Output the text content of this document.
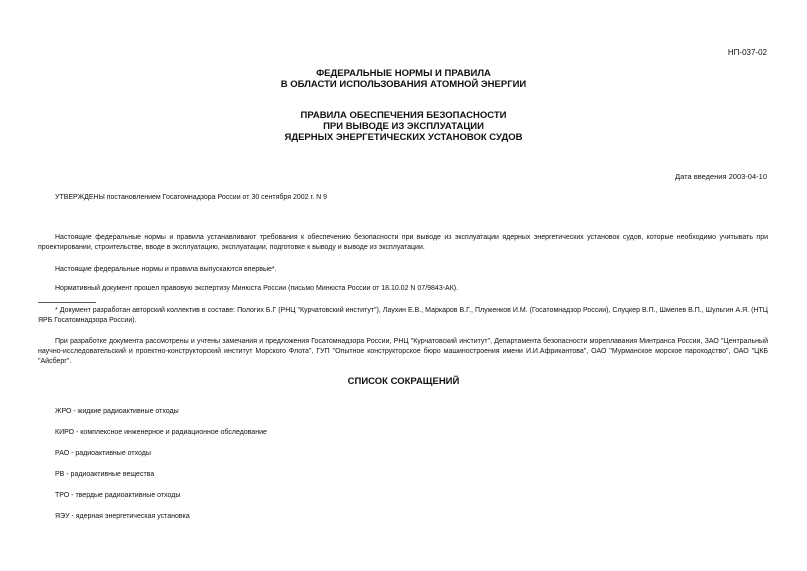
НП-037-02
ФЕДЕРАЛЬНЫЕ НОРМЫ И ПРАВИЛА
В ОБЛАСТИ ИСПОЛЬЗОВАНИЯ АТОМНОЙ ЭНЕРГИИ
ПРАВИЛА ОБЕСПЕЧЕНИЯ БЕЗОПАСНОСТИ
ПРИ ВЫВОДЕ ИЗ ЭКСПЛУАТАЦИИ
ЯДЕРНЫХ ЭНЕРГЕТИЧЕСКИХ УСТАНОВОК СУДОВ
Дата введения 2003-04-10
УТВЕРЖДЕНЫ постановлением Госатомнадзора России от 30 сентября 2002 г. N 9
Настоящие федеральные нормы и правила устанавливают требования к обеспечению безопасности при выводе из эксплуатации ядерных энергетических установок судов, которые необходимо учитывать при проектировании, строительстве, вводе в эксплуатацию, эксплуатации, подготовке к выводу и выводе из эксплуатации.
Настоящие федеральные нормы и правила выпускаются впервые*.
Нормативный документ прошел правовую экспертизу Минюста России (письмо Минюста России от 18.10.02 N 07/9843-АК).
* Документ разработан авторский коллектив в составе: Пологих Б.Г (РНЦ "Курчатовский институт"), Лаухин Е.В., Маркаров В.Г., Плуженков И.М. (Госатомнадзор России), Слуцкер В.П., Шмелев В.П., Шульгин А.Я. (НТЦ ЯРБ Госатомнадзора России).
При разработке документа рассмотрены и учтены замечания и предложения Госатомнадзора России, РНЦ "Курчатовский институт", Департамента безопасности мореплавания Минтранса России, ЗАО "Центральный научно-исследовательский и проектно-конструкторский институт Морского Флота", ГУП "Опытное конструкторское бюро машиностроения имени И.И.Африкантова", ОАО "Мурманское морское пароходство", ОАО "ЦКБ "Айсберг".
СПИСОК СОКРАЩЕНИЙ
ЖРО - жидкие радиоактивные отходы
КИРО - комплексное инженерное и радиационное обследование
РАО - радиоактивные отходы
РВ - радиоактивные вещества
ТРО - твердые радиоактивные отходы
ЯЭУ - ядерная энергетическая установка
